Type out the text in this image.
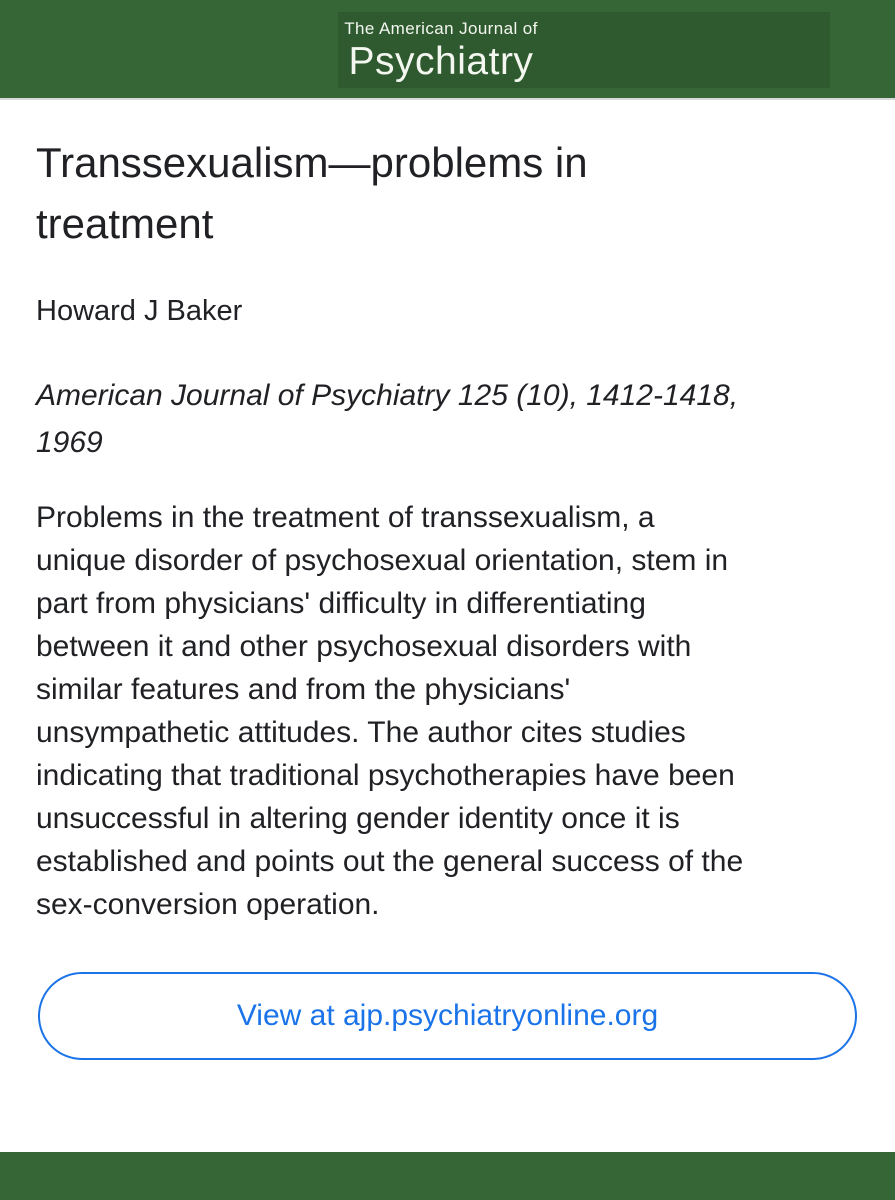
The American Journal of
Psychiatry
Transsexualism—problems in treatment
Howard J Baker
American Journal of Psychiatry 125 (10), 1412-1418,
1969
Problems in the treatment of transsexualism, a
unique disorder of psychosexual orientation, stem in
part from physicians' difficulty in differentiating
between it and other psychosexual disorders with
similar features and from the physicians'
unsympathetic attitudes. The author cites studies
indicating that traditional psychotherapies have been
unsuccessful in altering gender identity once it is
established and points out the general success of the
sex-conversion operation.
View at ajp.psychiatryonline.org
